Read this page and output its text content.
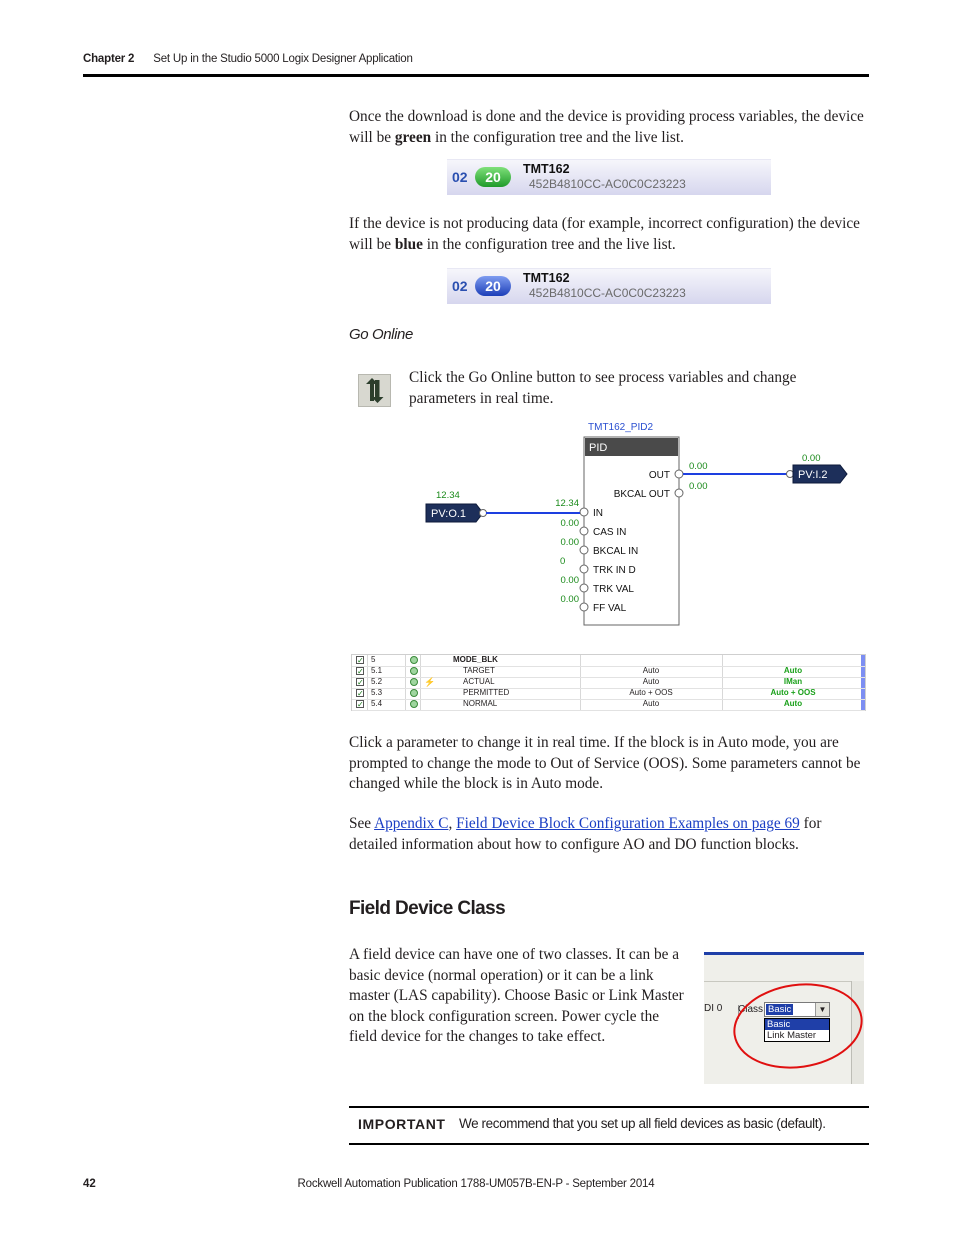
Chapter 2 Set Up in the Studio 5000 Logix Designer Application
Once the download is done and the device is providing process variables, the device will be green in the configuration tree and the live list.
02	20	TMT162
452B4810CC-AC0C0C23223
If the device is not producing data (for example, incorrect configuration) the device will be blue in the configuration tree and the live list.
02	20	TMT162
452B4810CC-AC0C0C23223
Go Online
Click the Go Online button to see process variables and change parameters in real time.
TMT162_PID2
PID
OUT
0.00
BKCAL OUT
0.00
IN
12.34
CAS IN
0.00
BKCAL IN
0.00
TRK IN D
0
TRK VAL
0.00
FF VAL
0.00
12.34
PV:O.1
0.00
PV:I.2
✓ 5	MODE_BLK
✓ 5.1	TARGET	Auto	Auto
✓ 5.2	⚡	ACTUAL	Auto	IMan
✓ 5.3	PERMITTED	Auto + OOS	Auto + OOS
✓ 5.4	NORMAL	Auto	Auto
Click a parameter to change it in real time. If the block is in Auto mode, you are prompted to change the mode to Out of Service (OOS). Some parameters cannot be changed while the block is in Auto mode.
See Appendix C, Field Device Block Configuration Examples on page 69 for detailed information about how to configure AO and DO function blocks.
Field Device Class
A field device can have one of two classes. It can be a basic device (normal operation) or it can be a link master (LAS capability). Choose Basic or Link Master on the block configuration screen. Power cycle the field device for the changes to take effect.
DI 0 Class Basic	▼
Basic
Link Master
IMPORTANT We recommend that you set up all field devices as basic (default).
42	Rockwell Automation Publication 1788-UM057B-EN-P - September 2014
